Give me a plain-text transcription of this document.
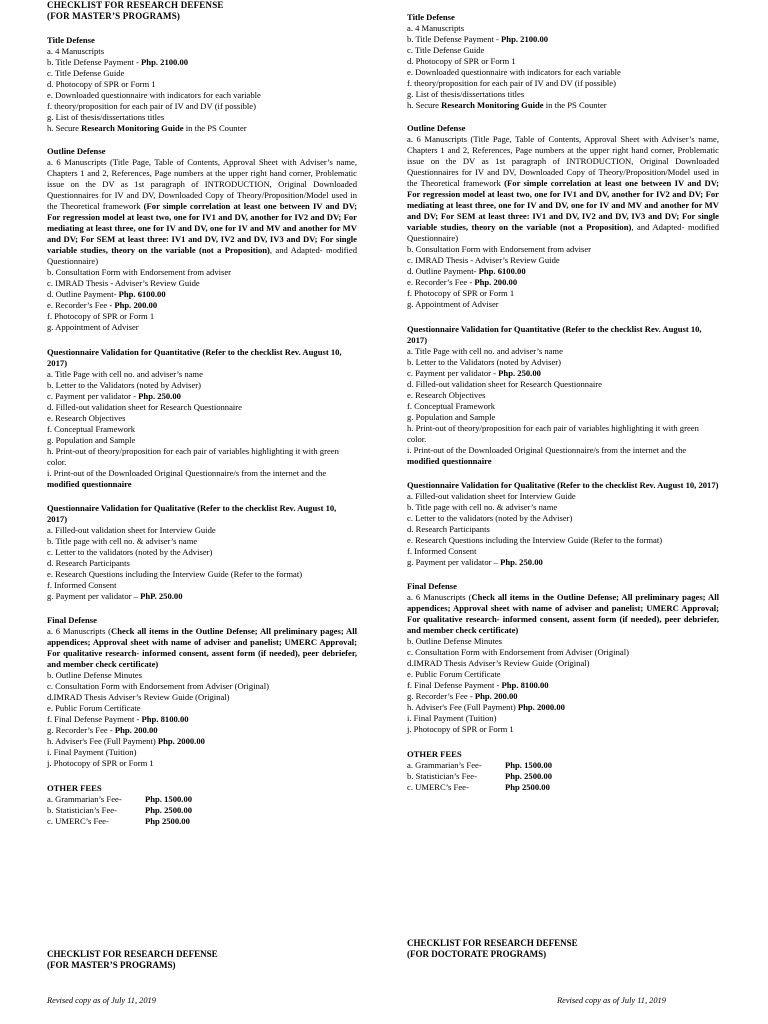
CHECKLIST FOR RESEARCH DEFENSE
(FOR MASTER’S PROGRAMS)
Title Defense
a. 4 Manuscripts
b. Title Defense Payment - Php. 2100.00
c. Title Defense Guide
d. Photocopy of SPR or Form 1
e. Downloaded questionnaire with indicators for each variable
f. theory/proposition for each pair of IV and DV (if possible)
g. List of thesis/dissertations titles
h. Secure Research Monitoring Guide in the PS Counter
Outline Defense
a. 6 Manuscripts (Title Page, Table of Contents, Approval Sheet with Adviser’s name, Chapters 1 and 2, References, Page numbers at the upper right hand corner, Problematic issue on the DV as 1st paragraph of INTRODUCTION, Original Downloaded Questionnaires for IV and DV, Downloaded Copy of Theory/Proposition/Model used in the Theoretical framework (For simple correlation at least one between IV and DV; For regression model at least two, one for IV1 and DV, another for IV2 and DV; For mediating at least three, one for IV and DV, one for IV and MV and another for MV and DV; For SEM at least three: IV1 and DV, IV2 and DV, IV3 and DV; For single variable studies, theory on the variable (not a Proposition), and Adapted- modified Questionnaire)
b. Consultation Form with Endorsement from adviser
c. IMRAD Thesis - Adviser’s Review Guide
d. Outline Payment- Php. 6100.00
e. Recorder’s Fee - Php. 200.00
f. Photocopy of SPR or Form 1
g. Appointment of Adviser
Questionnaire Validation for Quantitative (Refer to the checklist Rev. August 10, 2017)
a. Title Page with cell no. and adviser’s name
b. Letter to the Validators (noted by Adviser)
c. Payment per validator - Php. 250.00
d. Filled-out validation sheet for Research Questionnaire
e. Research Objectives
f. Conceptual Framework
g. Population and Sample
h. Print-out of theory/proposition for each pair of variables highlighting it with green color.
i. Print-out of the Downloaded Original Questionnaire/s from the internet and the modified questionnaire
Questionnaire Validation for Qualitative (Refer to the checklist Rev. August 10, 2017)
a. Filled-out validation sheet for Interview Guide
b. Title page with cell no. & adviser’s name
c. Letter to the validators (noted by the Adviser)
d. Research Participants
e. Research Questions including the Interview Guide (Refer to the format)
f. Informed Consent
g. Payment per validator – PhP. 250.00
Final Defense
a. 6 Manuscripts (Check all items in the Outline Defense; All preliminary pages; All appendices; Approval sheet with name of adviser and panelist; UMERC Approval; For qualitative research- informed consent, assent form (if needed), peer debriefer, and member check certificate)
b. Outline Defense Minutes
c. Consultation Form with Endorsement from Adviser (Original)
d.IMRAD Thesis Adviser’s Review Guide (Original)
e. Public Forum Certificate
f. Final Defense Payment - Php. 8100.00
g. Recorder’s Fee - Php. 200.00
h. Adviser's Fee (Full Payment) Php. 2000.00
i. Final Payment (Tuition)
j. Photocopy of SPR or Form 1
OTHER FEES
a. Grammarian’s Fee-	Php. 1500.00
b. Statistician’s Fee-	Php. 2500.00
c. UMERC’s Fee-	Php 2500.00
CHECKLIST FOR RESEARCH DEFENSE
(FOR MASTER’S PROGRAMS)
Revised copy as of July 11, 2019
Title Defense
a. 4 Manuscripts
b. Title Defense Payment - Php. 2100.00
c. Title Defense Guide
d. Photocopy of SPR or Form 1
e. Downloaded questionnaire with indicators for each variable
f. theory/proposition for each pair of IV and DV (if possible)
g. List of thesis/dissertations titles
h. Secure Research Monitoring Guide in the PS Counter
Outline Defense
a. 6 Manuscripts (Title Page, Table of Contents, Approval Sheet with Adviser’s name, Chapters 1 and 2, References, Page numbers at the upper right hand corner, Problematic issue on the DV as 1st paragraph of INTRODUCTION, Original Downloaded Questionnaires for IV and DV, Downloaded Copy of Theory/Proposition/Model used in the Theoretical framework (For simple correlation at least one between IV and DV; For regression model at least two, one for IV1 and DV, another for IV2 and DV; For mediating at least three, one for IV and DV, one for IV and MV and another for MV and DV; For SEM at least three: IV1 and DV, IV2 and DV, IV3 and DV; For single variable studies, theory on the variable (not a Proposition), and Adapted- modified Questionnaire)
b. Consultation Form with Endorsement from adviser
c. IMRAD Thesis - Adviser’s Review Guide
d. Outline Payment- Php. 6100.00
e. Recorder’s Fee - Php. 200.00
f. Photocopy of SPR or Form 1
g. Appointment of Adviser
Questionnaire Validation for Quantitative (Refer to the checklist Rev. August 10, 2017)
a. Title Page with cell no. and adviser’s name
b. Letter to the Validators (noted by Adviser)
c. Payment per validator - Php. 250.00
d. Filled-out validation sheet for Research Questionnaire
e. Research Objectives
f. Conceptual Framework
g. Population and Sample
h. Print-out of theory/proposition for each pair of variables highlighting it with green color.
i. Print-out of the Downloaded Original Questionnaire/s from the internet and the modified questionnaire
Questionnaire Validation for Qualitative (Refer to the checklist Rev. August 10, 2017)
a. Filled-out validation sheet for Interview Guide
b. Title page with cell no. & adviser’s name
c. Letter to the validators (noted by the Adviser)
d. Research Participants
e. Research Questions including the Interview Guide (Refer to the format)
f. Informed Consent
g. Payment per validator – Php. 250.00
Final Defense
a. 6 Manuscripts (Check all items in the Outline Defense; All preliminary pages; All appendices; Approval sheet with name of adviser and panelist; UMERC Approval; For qualitative research- informed consent, assent form (if needed), peer debriefer, and member check certificate)
b. Outline Defense Minutes
c. Consultation Form with Endorsement from Adviser (Original)
d.IMRAD Thesis Adviser’s Review Guide (Original)
e. Public Forum Certificate
f. Final Defense Payment - Php. 8100.00
g. Recorder’s Fee - Php. 200.00
h. Adviser's Fee (Full Payment) Php. 2000.00
i. Final Payment (Tuition)
j. Photocopy of SPR or Form 1
OTHER FEES
a. Grammarian’s Fee-	Php. 1500.00
b. Statistician’s Fee-	Php. 2500.00
c. UMERC’s Fee-	Php 2500.00
CHECKLIST FOR RESEARCH DEFENSE
(FOR DOCTORATE PROGRAMS)
Revised copy as of July 11, 2019
